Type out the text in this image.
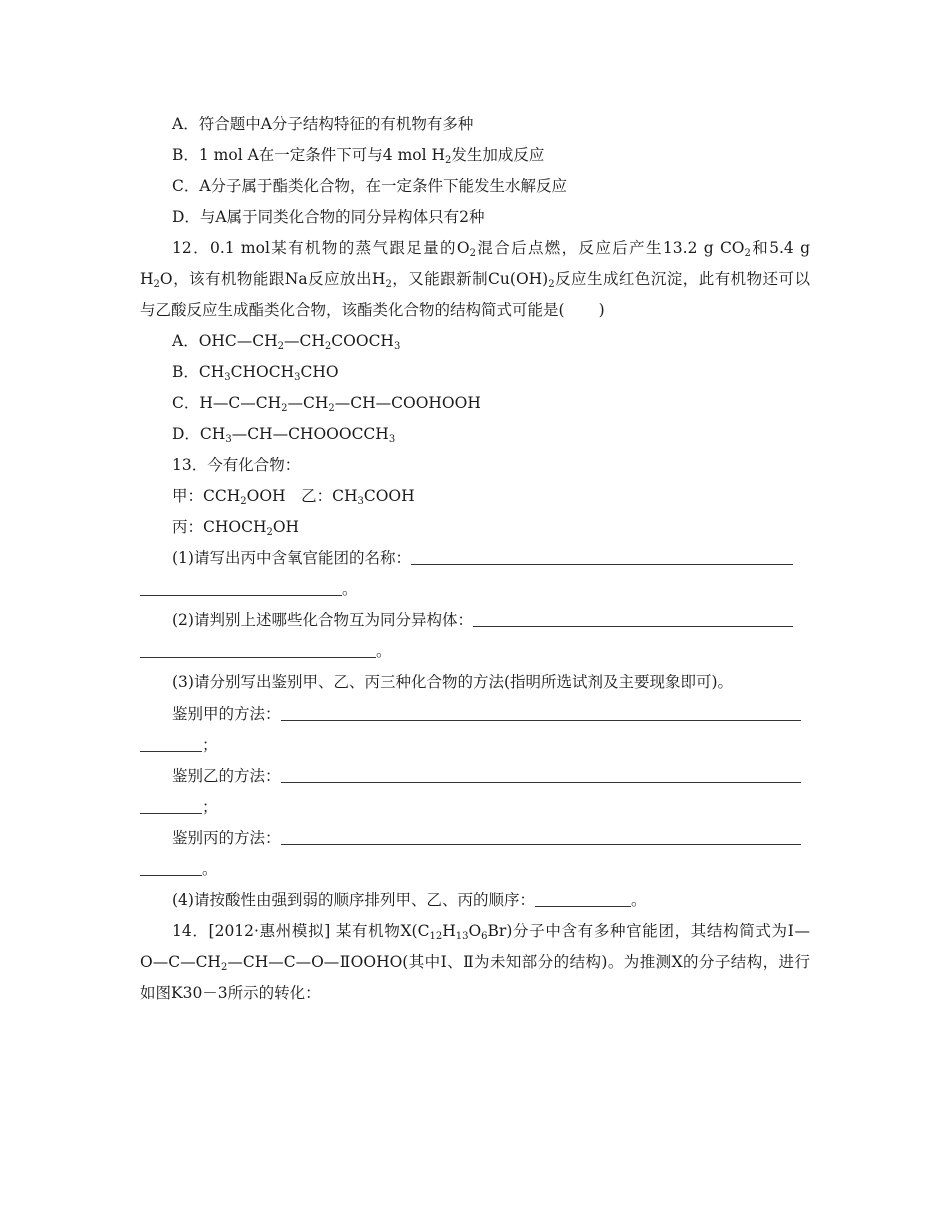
A．符合题中A分子结构特征的有机物有多种
B．1 mol A在一定条件下可与4 mol $H_2$发生加成反应
C．A分子属于酯类化合物，在一定条件下能发生水解反应
D．与A属于同类化合物的同分异构体只有2种
12．0.1 mol某有机物的蒸气跟足量的$O_2$混合后点燃，反应后产生13.2 g $CO_2$和5.4 g
$H_2O$，该有机物能跟Na反应放出$H_2$，又能跟新制$Cu(OH)_2$反应生成红色沉淀，此有机物还可以
与乙酸反应生成酯类化合物，该酯类化合物的结构简式可能是( )
A．$OHC—CH_2—CH_2COOCH_3$
B．$CH_3CHOCH_3CHO$
C．$H—C—CH_2—CH_2—CH—COOHOOH$
D．$CH_3—CH—CHOOOCCH_3$
13．今有化合物：
甲：$CCH_2OOH$　 乙：$CH_3COOH$
丙：$CHOCH_2OH$
(1)请写出丙中含氧官能团的名称：
。
(2)请判别上述哪些化合物互为同分异构体：
。
(3)请分别写出鉴别甲、乙、丙三种化合物的方法(指明所选试剂及主要现象即可)。
鉴别甲的方法：
；
鉴别乙的方法：
；
鉴别丙的方法：
。
(4)请按酸性由强到弱的顺序排列甲、乙、丙的顺序：	。
14．[2012·惠州模拟] 某有机物$X(C_{12}H_{13}O_6Br)$分子中含有多种官能团，其结构简式为Ⅰ—
$O—C—CH_2—CH—C—O—ⅡOOHO$(其中Ⅰ、Ⅱ为未知部分的结构)。为推测X的分子结构，进行
如图K30－3所示的转化：
